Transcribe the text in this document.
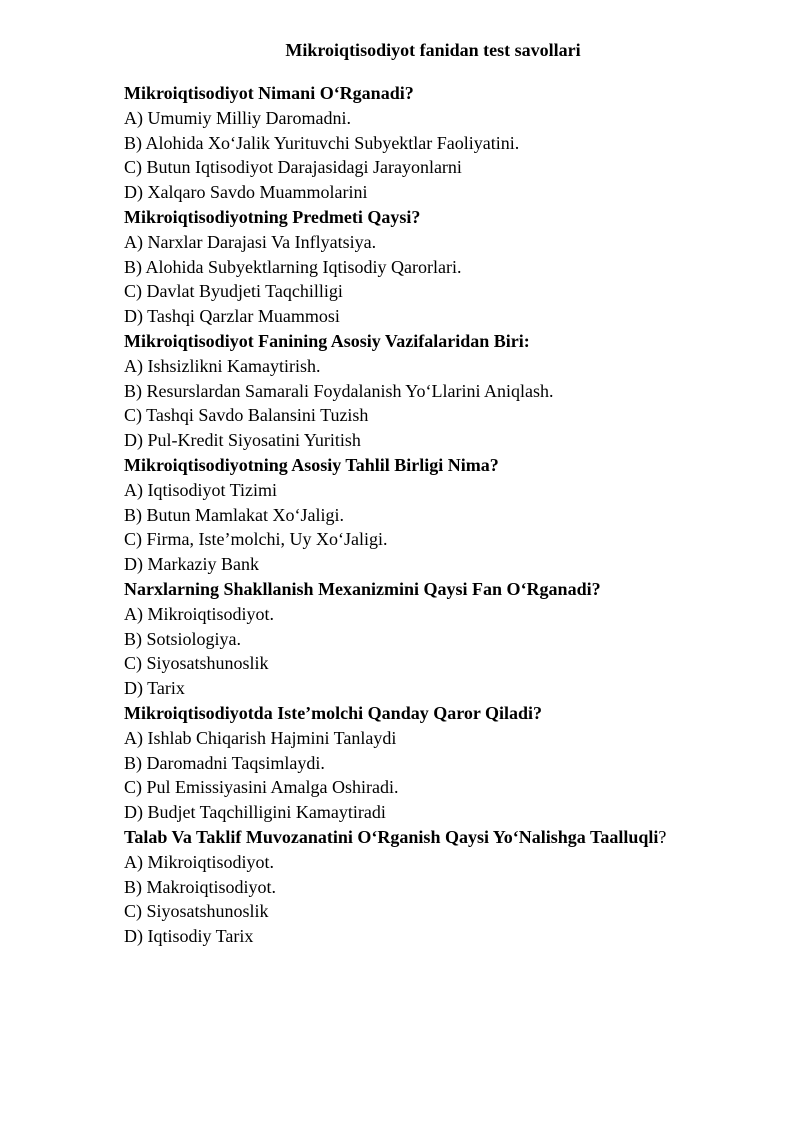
Mikroiqtisodiyot fanidan test savollari
Mikroiqtisodiyot Nimani O‘Rganadi?
A) Umumiy Milliy Daromadni.
B) Alohida Xo‘Jalik Yurituvchi Subyektlar Faoliyatini.
C) Butun Iqtisodiyot Darajasidagi Jarayonlarni
D) Xalqaro Savdo Muammolarini
Mikroiqtisodiyotning Predmeti Qaysi?
A) Narxlar Darajasi Va Inflyatsiya.
B) Alohida Subyektlarning Iqtisodiy Qarorlari.
C) Davlat Byudjeti Taqchilligi
D) Tashqi Qarzlar Muammosi
Mikroiqtisodiyot Fanining Asosiy Vazifalaridan Biri:
A) Ishsizlikni Kamaytirish.
B) Resurslardan Samarali Foydalanish Yo‘Llarini Aniqlash.
C) Tashqi Savdo Balansini Tuzish
D) Pul-Kredit Siyosatini Yuritish
Mikroiqtisodiyotning Asosiy Tahlil Birligi Nima?
A) Iqtisodiyot Tizimi
B) Butun Mamlakat Xo‘Jaligi.
C) Firma, Iste’molchi, Uy Xo‘Jaligi.
D) Markaziy Bank
Narxlarning Shakllanish Mexanizmini Qaysi Fan O‘Rganadi?
A) Mikroiqtisodiyot.
B) Sotsiologiya.
C) Siyosatshunoslik
D) Tarix
Mikroiqtisodiyotda Iste’molchi Qanday Qaror Qiladi?
A) Ishlab Chiqarish Hajmini Tanlaydi
B) Daromadni Taqsimlaydi.
C) Pul Emissiyasini Amalga Oshiradi.
D) Budjet Taqchilligini Kamaytiradi
Talab Va Taklif Muvozanatini O‘Rganish Qaysi Yo‘Nalishga Taalluqli?
A) Mikroiqtisodiyot.
B) Makroiqtisodiyot.
C) Siyosatshunoslik
D) Iqtisodiy Tarix
